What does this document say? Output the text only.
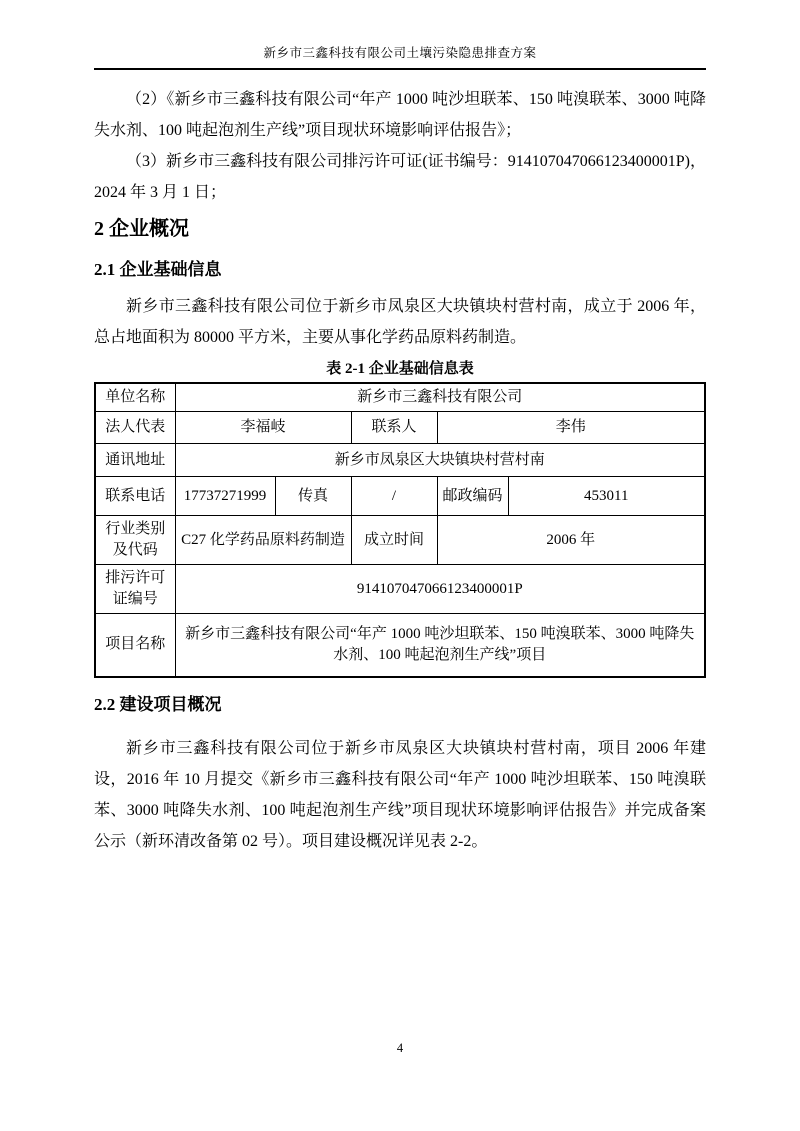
新乡市三鑫科技有限公司土壤污染隐患排查方案

（2）《新乡市三鑫科技有限公司“年产 1000 吨沙坦联苯、150 吨溴联苯、3000 吨降失水剂、100 吨起泡剂生产线”项目现状环境影响评估报告》；

（3）新乡市三鑫科技有限公司排污许可证(证书编号：914107047066123400001P)，2024 年 3 月 1 日；

2 企业概况
2.1 企业基础信息

新乡市三鑫科技有限公司位于新乡市凤泉区大块镇块村营村南，成立于 2006 年，总占地面积为 80000 平方米，主要从事化学药品原料药制造。

表 2-1 企业基础信息表
单位名称	新乡市三鑫科技有限公司				
法人代表	李福岐		联系人	李伟	
通讯地址	新乡市凤泉区大块镇块村营村南				
联系电话	17737271999	传真	/	邮政编码	453011
行业类别及代码	C27 化学药品原料药制造		成立时间	2006 年	
排污许可证编号	914107047066123400001P				
项目名称	新乡市三鑫科技有限公司“年产 1000 吨沙坦联苯、150 吨溴联苯、3000 吨降失水剂、100 吨起泡剂生产线”项目				
2.2 建设项目概况

新乡市三鑫科技有限公司位于新乡市凤泉区大块镇块村营村南，项目 2006 年建设，2016 年 10 月提交《新乡市三鑫科技有限公司“年产 1000 吨沙坦联苯、150 吨溴联苯、3000 吨降失水剂、100 吨起泡剂生产线”项目现状环境影响评估报告》并完成备案公示（新环清改备第 02 号）。项目建设概况详见表 2-2。

4
